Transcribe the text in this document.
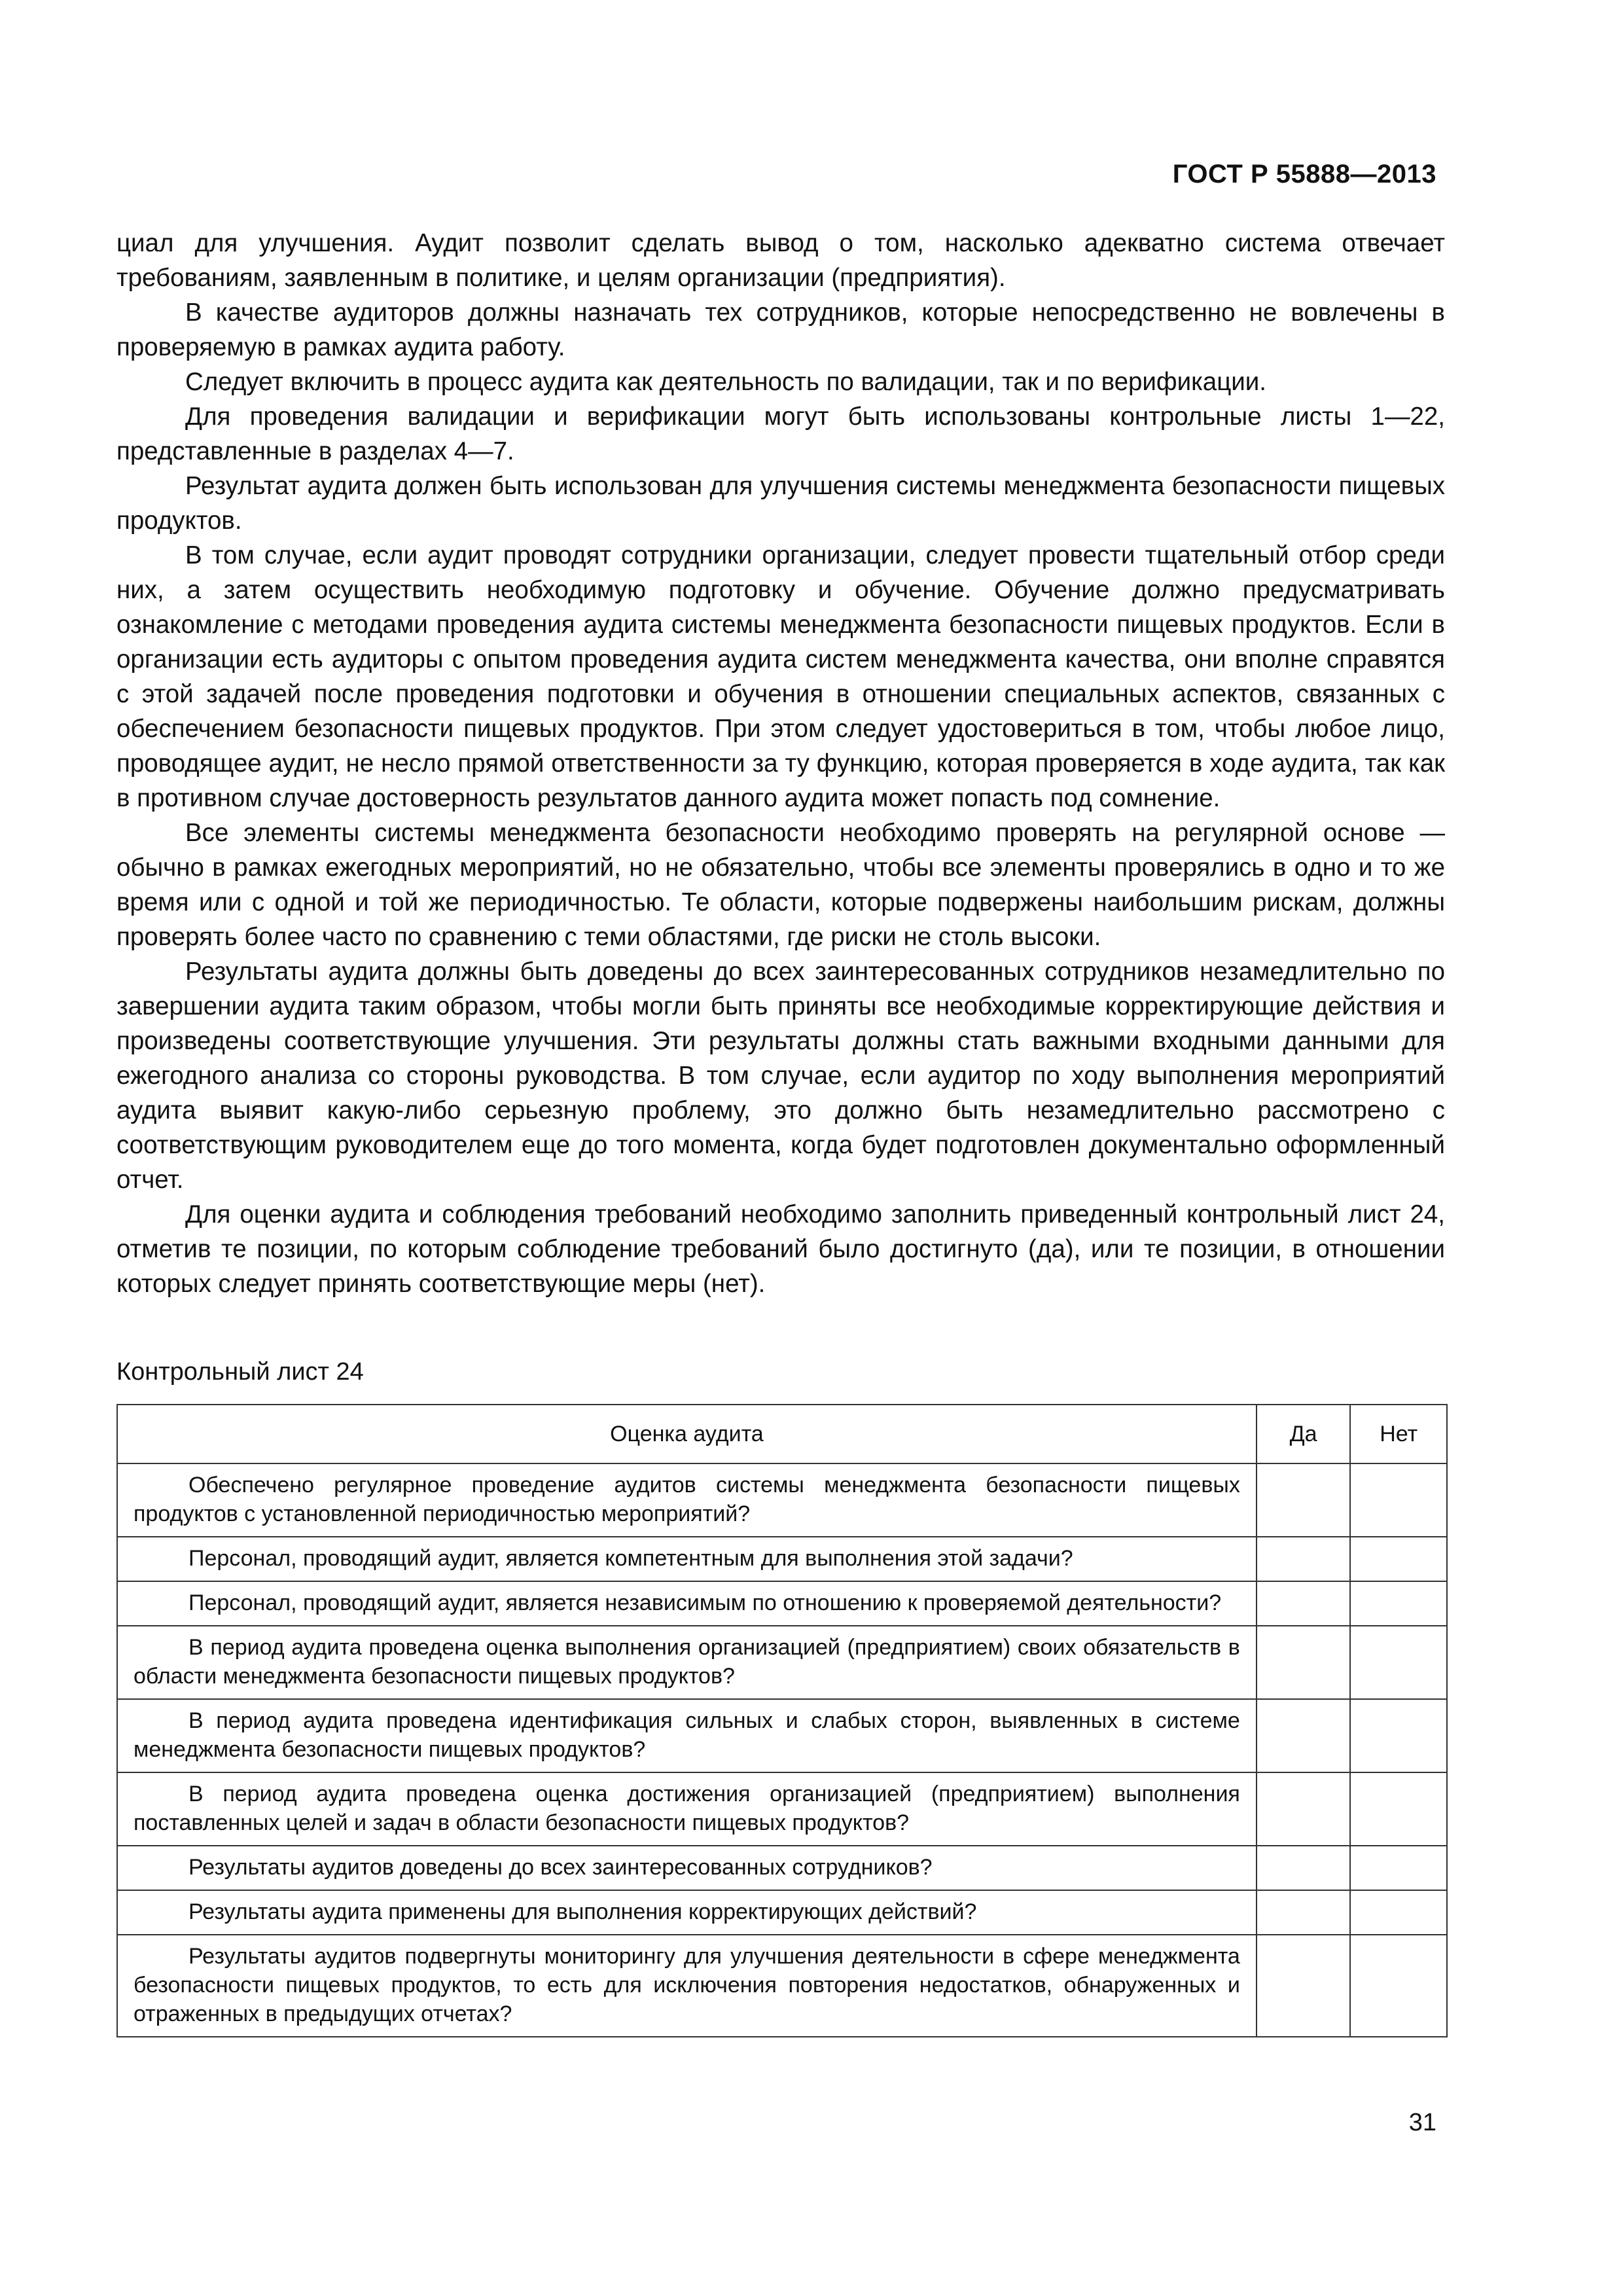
ГОСТ Р 55888—2013

циал для улучшения. Аудит позволит сделать вывод о том, насколько адекватно система отвечает требованиям, заявленным в политике, и целям организации (предприятия).

В качестве аудиторов должны назначать тех сотрудников, которые непосредственно не вовлечены в проверяемую в рамках аудита работу.

Следует включить в процесс аудита как деятельность по валидации, так и по верификации.

Для проведения валидации и верификации могут быть использованы контрольные листы 1—22, представленные в разделах 4—7.

Результат аудита должен быть использован для улучшения системы менеджмента безопасности пищевых продуктов.

В том случае, если аудит проводят сотрудники организации, следует провести тщательный отбор среди них, а затем осуществить необходимую подготовку и обучение. Обучение должно предусматривать ознакомление с методами проведения аудита системы менеджмента безопасности пищевых продуктов. Если в организации есть аудиторы с опытом проведения аудита систем менеджмента качества, они вполне справятся с этой задачей после проведения подготовки и обучения в отношении специальных аспектов, связанных с обеспечением безопасности пищевых продуктов. При этом следует удостовериться в том, чтобы любое лицо, проводящее аудит, не несло прямой ответственности за ту функцию, которая проверяется в ходе аудита, так как в противном случае достоверность результатов данного аудита может попасть под сомнение.

Все элементы системы менеджмента безопасности необходимо проверять на регулярной основе — обычно в рамках ежегодных мероприятий, но не обязательно, чтобы все элементы проверялись в одно и то же время или с одной и той же периодичностью. Те области, которые подвержены наибольшим рискам, должны проверять более часто по сравнению с теми областями, где риски не столь высоки.

Результаты аудита должны быть доведены до всех заинтересованных сотрудников незамедлительно по завершении аудита таким образом, чтобы могли быть приняты все необходимые корректирующие действия и произведены соответствующие улучшения. Эти результаты должны стать важными входными данными для ежегодного анализа со стороны руководства. В том случае, если аудитор по ходу выполнения мероприятий аудита выявит какую-либо серьезную проблему, это должно быть незамедлительно рассмотрено с соответствующим руководителем еще до того момента, когда будет подготовлен документально оформленный отчет.

Для оценки аудита и соблюдения требований необходимо заполнить приведенный контрольный лист 24, отметив те позиции, по которым соблюдение требований было достигнуто (да), или те позиции, в отношении которых следует принять соответствующие меры (нет).

Контрольный лист 24
Оценка аудита	Да	Нет

Обеспечено регулярное проведение аудитов системы менеджмента безопасности пищевых продуктов с установленной периодичностью мероприятий?		

Персонал, проводящий аудит, является компетентным для выполнения этой задачи?		

Персонал, проводящий аудит, является независимым по отношению к проверяемой деятельности?		

В период аудита проведена оценка выполнения организацией (предприятием) своих обязательств в области менеджмента безопасности пищевых продуктов?		

В период аудита проведена идентификация сильных и слабых сторон, выявленных в системе менеджмента безопасности пищевых продуктов?		

В период аудита проведена оценка достижения организацией (предприятием) выполнения поставленных целей и задач в области безопасности пищевых продуктов?		

Результаты аудитов доведены до всех заинтересованных сотрудников?		

Результаты аудита применены для выполнения корректирующих действий?		

Результаты аудитов подвергнуты мониторингу для улучшения деятельности в сфере менеджмента безопасности пищевых продуктов, то есть для исключения повторения недостатков, обнаруженных и отраженных в предыдущих отчетах?		

31
